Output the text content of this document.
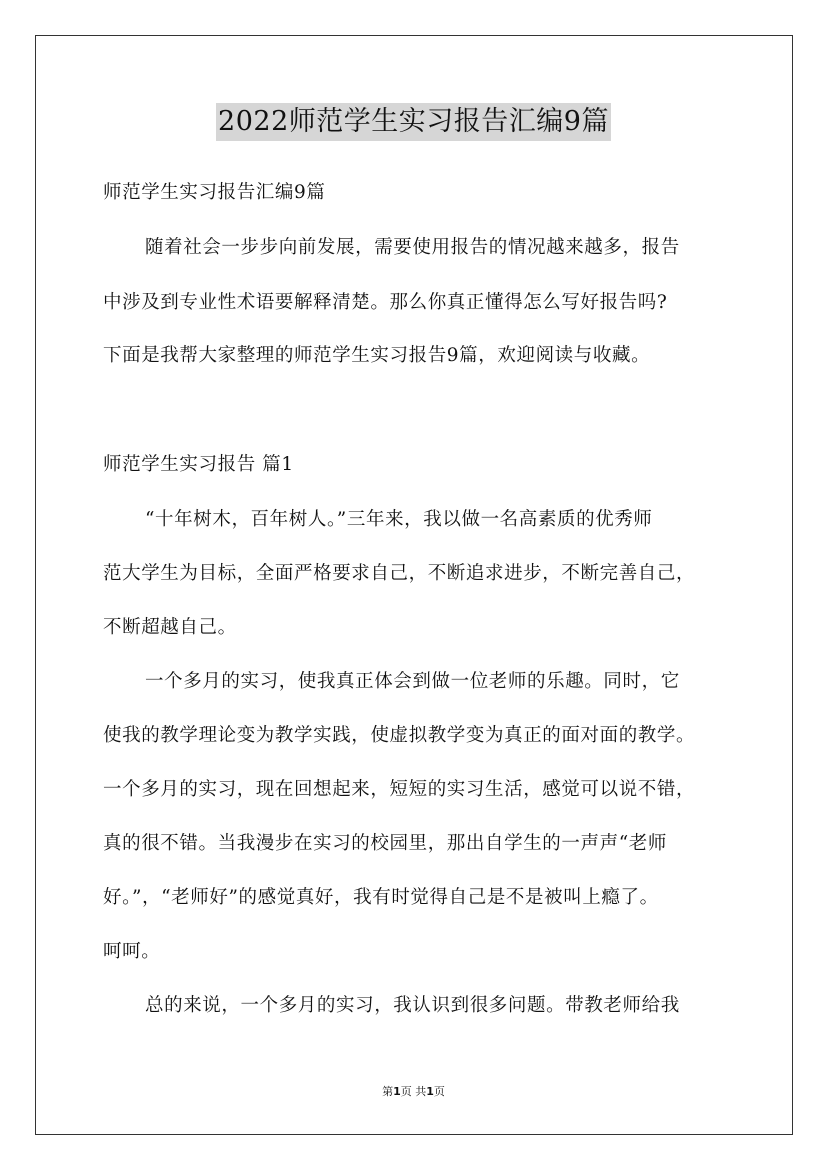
2022师范学生实习报告汇编9篇
师范学生实习报告汇编9篇
随着社会一步步向前发展，需要使用报告的情况越来越多，报告
中涉及到专业性术语要解释清楚。那么你真正懂得怎么写好报告吗?
下面是我帮大家整理的师范学生实习报告9篇，欢迎阅读与收藏。
师范学生实习报告 篇1
“十年树木，百年树人。”三年来，我以做一名高素质的优秀师
范大学生为目标，全面严格要求自己，不断追求进步，不断完善自己，
不断超越自己。
一个多月的实习，使我真正体会到做一位老师的乐趣。同时，它
使我的教学理论变为教学实践，使虚拟教学变为真正的面对面的教学。
一个多月的实习，现在回想起来，短短的实习生活，感觉可以说不错，
真的很不错。当我漫步在实习的校园里，那出自学生的一声声“老师
好。”，“老师好”的感觉真好，我有时觉得自己是不是被叫上瘾了。
呵呵。
总的来说，一个多月的实习，我认识到很多问题。带教老师给我
第1页 共1页
